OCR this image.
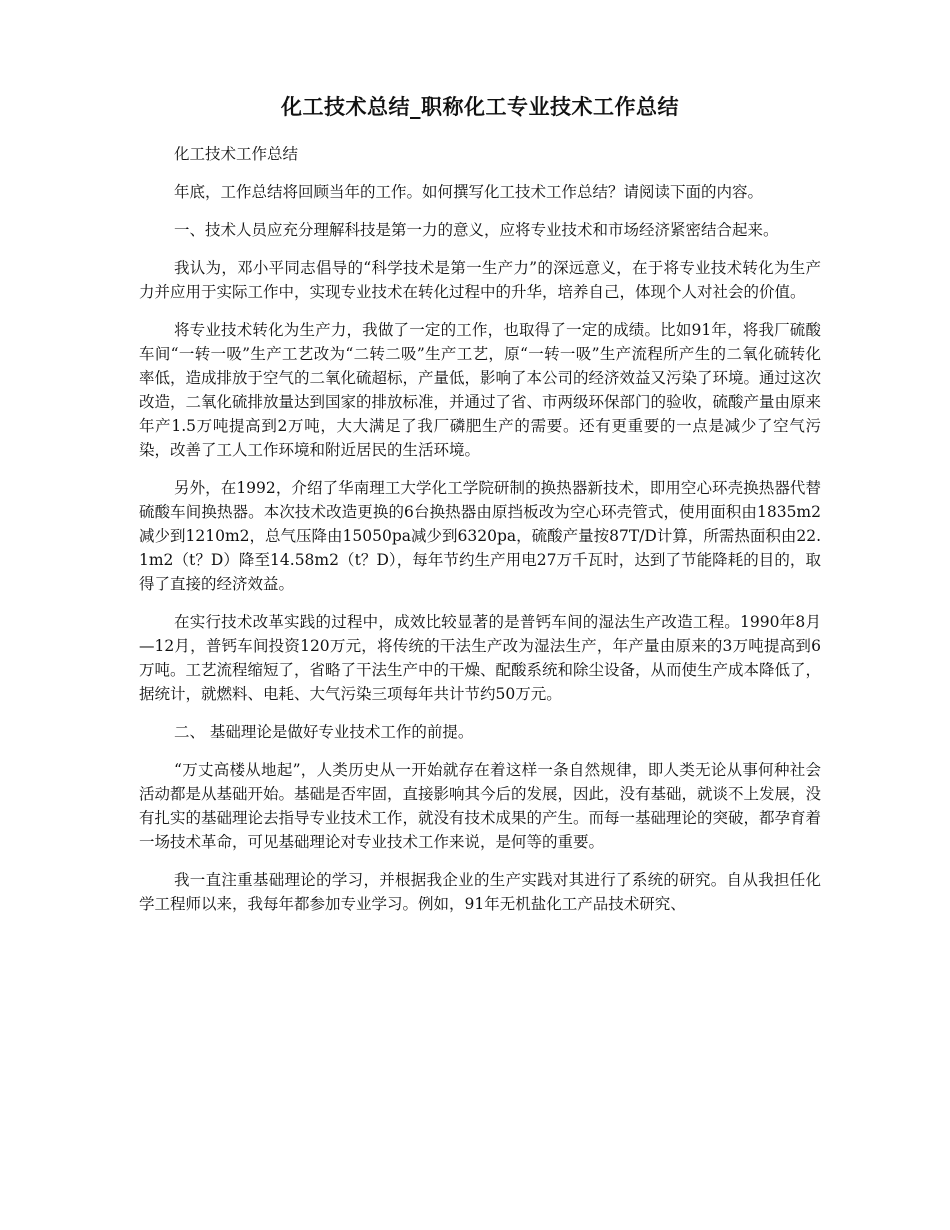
化工技术总结_职称化工专业技术工作总结

化工技术工作总结

年底，工作总结将回顾当年的工作。如何撰写化工技术工作总结？请阅读下面的内容。

一、技术人员应充分理解科技是第一力的意义，应将专业技术和市场经济紧密结合起来。

我认为，邓小平同志倡导的“科学技术是第一生产力”的深远意义，在于将专业技术转化为生产力并应用于实际工作中，实现专业技术在转化过程中的升华，培养自己，体现个人对社会的价值。

将专业技术转化为生产力，我做了一定的工作，也取得了一定的成绩。比如91年，将我厂硫酸车间“一转一吸”生产工艺改为“二转二吸”生产工艺，原“一转一吸”生产流程所产生的二氧化硫转化率低，造成排放于空气的二氧化硫超标，产量低，影响了本公司的经济效益又污染了环境。通过这次改造，二氧化硫排放量达到国家的排放标准，并通过了省、市两级环保部门的验收，硫酸产量由原来年产1.5万吨提高到2万吨，大大满足了我厂磷肥生产的需要。还有更重要的一点是减少了空气污染，改善了工人工作环境和附近居民的生活环境。

另外，在1992，介绍了华南理工大学化工学院研制的换热器新技术，即用空心环壳换热器代替硫酸车间换热器。本次技术改造更换的6台换热器由原挡板改为空心环壳管式，使用面积由1835m2减少到1210m2，总气压降由15050pa减少到6320pa，硫酸产量按87T/D计算，所需热面积由22.1m2（t？D）降至14.58m2（t？D），每年节约生产用电27万千瓦时，达到了节能降耗的目的，取得了直接的经济效益。

在实行技术改革实践的过程中，成效比较显著的是普钙车间的湿法生产改造工程。1990年8月—12月，普钙车间投资120万元，将传统的干法生产改为湿法生产，年产量由原来的3万吨提高到6万吨。工艺流程缩短了，省略了干法生产中的干燥、配酸系统和除尘设备，从而使生产成本降低了，据统计，就燃料、电耗、大气污染三项每年共计节约50万元。

二、 基础理论是做好专业技术工作的前提。

“万丈高楼从地起”，人类历史从一开始就存在着这样一条自然规律，即人类无论从事何种社会活动都是从基础开始。基础是否牢固，直接影响其今后的发展，因此，没有基础，就谈不上发展，没有扎实的基础理论去指导专业技术工作，就没有技术成果的产生。而每一基础理论的突破，都孕育着一场技术革命，可见基础理论对专业技术工作来说，是何等的重要。

我一直注重基础理论的学习，并根据我企业的生产实践对其进行了系统的研究。自从我担任化学工程师以来，我每年都参加专业学习。例如，91年无机盐化工产品技术研究、
